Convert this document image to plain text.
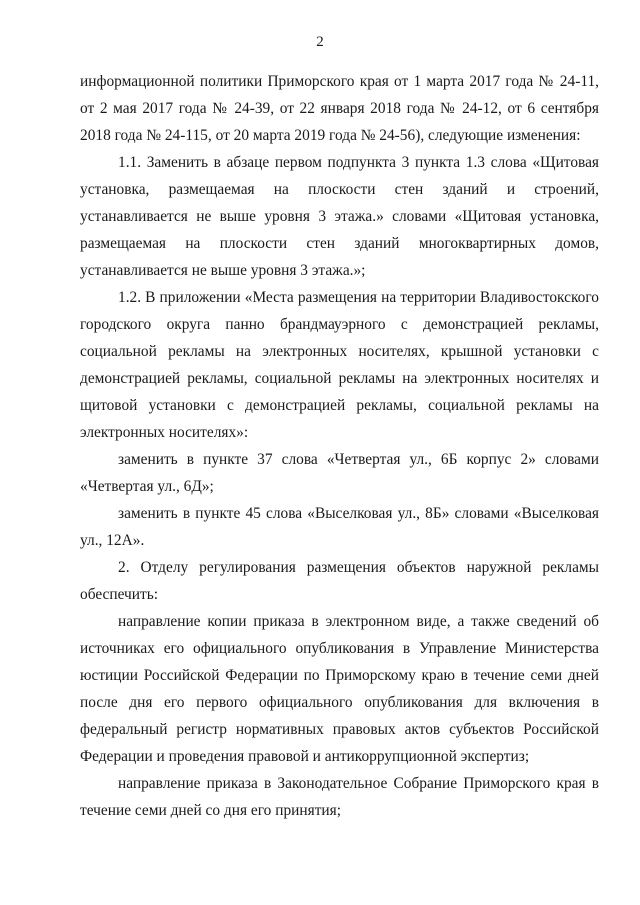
2

информационной политики Приморского края от 1 марта 2017 года № 24-11, от 2 мая 2017 года № 24-39, от 22 января 2018 года № 24-12, от 6 сентября 2018 года № 24-115, от 20 марта 2019 года № 24-56), следующие изменения:

1.1. Заменить в абзаце первом подпункта 3 пункта 1.3 слова «Щитовая установка, размещаемая на плоскости стен зданий и строений, устанавливается не выше уровня 3 этажа.» словами «Щитовая установка, размещаемая на плоскости стен зданий многоквартирных домов, устанавливается не выше уровня 3 этажа.»;

1.2. В приложении «Места размещения на территории Владивостокского городского округа панно брандмауэрного с демонстрацией рекламы, социальной рекламы на электронных носителях, крышной установки с демонстрацией рекламы, социальной рекламы на электронных носителях и щитовой установки с демонстрацией рекламы, социальной рекламы на электронных носителях»:

заменить в пункте 37 слова «Четвертая ул., 6Б корпус 2» словами «Четвертая ул., 6Д»;

заменить в пункте 45 слова «Выселковая ул., 8Б» словами «Выселковая ул., 12А».

2. Отделу регулирования размещения объектов наружной рекламы обеспечить:

направление копии приказа в электронном виде, а также сведений об источниках его официального опубликования в Управление Министерства юстиции Российской Федерации по Приморскому краю в течение семи дней после дня его первого официального опубликования для включения в федеральный регистр нормативных правовых актов субъектов Российской Федерации и проведения правовой и антикоррупционной экспертиз;

направление приказа в Законодательное Собрание Приморского края в течение семи дней со дня его принятия;
